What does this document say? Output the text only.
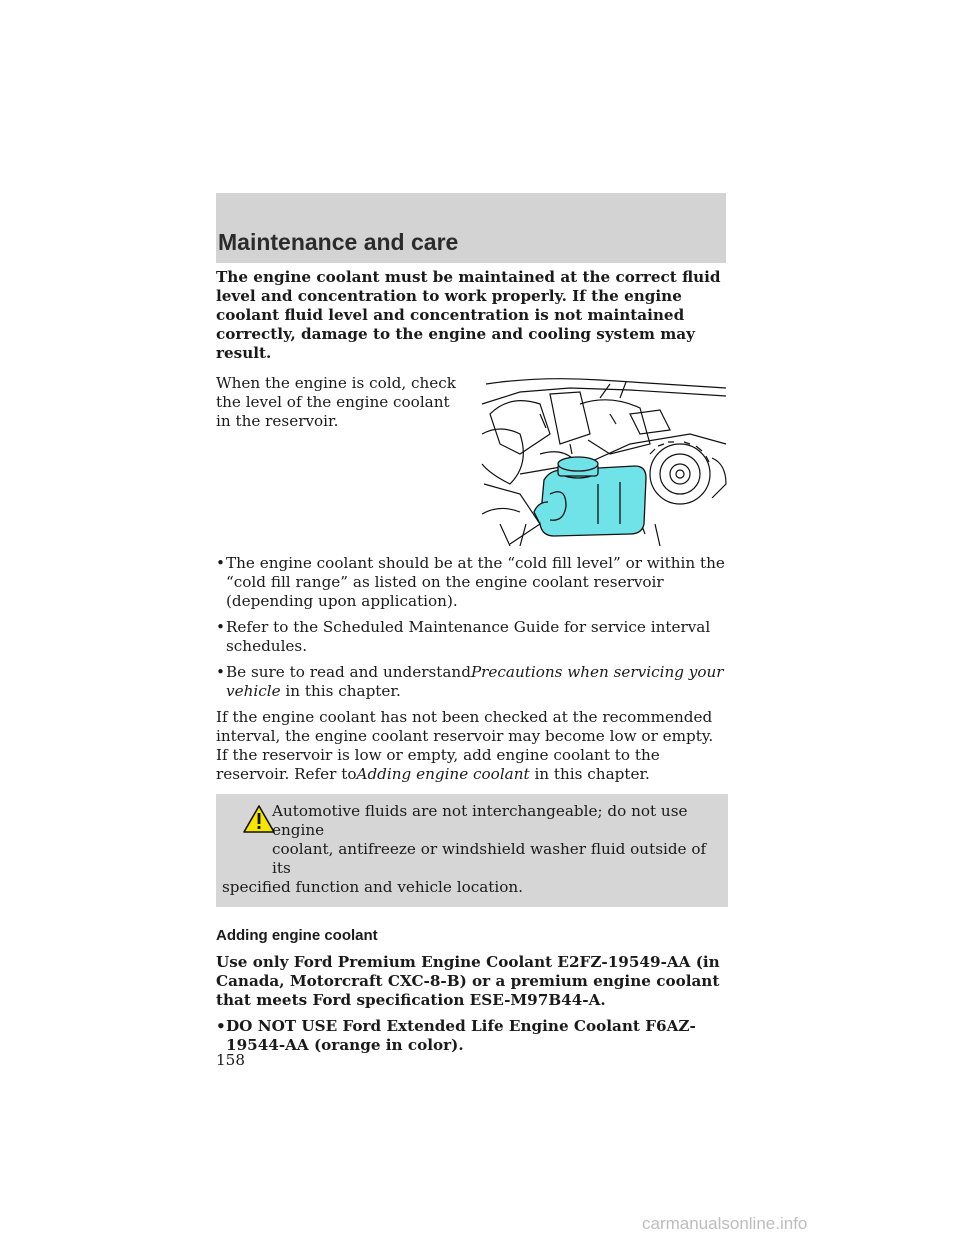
Maintenance and care

The engine coolant must be maintained at the correct fluid level and concentration to work properly. If the engine coolant fluid level and concentration is not maintained correctly, damage to the engine and cooling system may result.

When the engine is cold, check the level of the engine coolant in the reservoir.

• The engine coolant should be at the “cold fill level” or within the “cold fill range” as listed on the engine coolant reservoir (depending upon application).
• Refer to the Scheduled Maintenance Guide for service interval schedules.
• Be sure to read and understandPrecautions when servicing your vehicle in this chapter.

If the engine coolant has not been checked at the recommended interval, the engine coolant reservoir may become low or empty. If the reservoir is low or empty, add engine coolant to the reservoir. Refer toAdding engine coolant in this chapter.

Automotive fluids are not interchangeable; do not use engine

coolant, antifreeze or windshield washer fluid outside of its

specified function and vehicle location.

Adding engine coolant

Use only Ford Premium Engine Coolant E2FZ-19549-AA (in Canada, Motorcraft CXC-8-B) or a premium engine coolant that meets Ford specification ESE-M97B44-A.

• DO NOT USE Ford Extended Life Engine Coolant F6AZ-19544-AA (orange in color).
158
carmanualsonline.info
